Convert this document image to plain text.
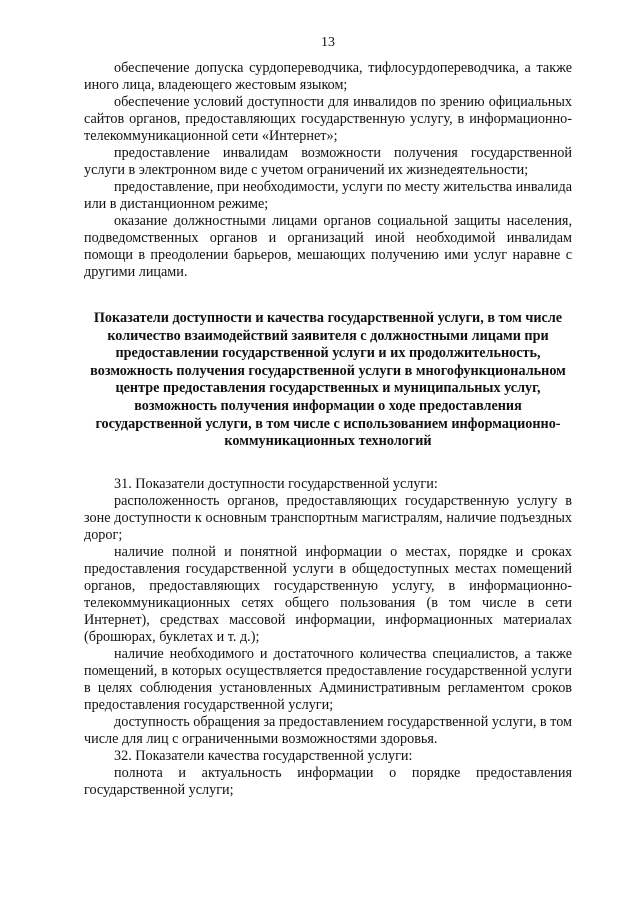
13

обеспечение допуска сурдопереводчика, тифлосурдопереводчика, а также иного лица, владеющего жестовым языком;

обеспечение условий доступности для инвалидов по зрению официальных сайтов органов, предоставляющих государственную услугу, в информационно-телекоммуникационной сети «Интернет»;

предоставление инвалидам возможности получения государственной услуги в электронном виде с учетом ограничений их жизнедеятельности;

предоставление, при необходимости, услуги по месту жительства инвалида или в дистанционном режиме;

оказание должностными лицами органов социальной защиты населения, подведомственных органов и организаций иной необходимой инвалидам помощи в преодолении барьеров, мешающих получению ими услуг наравне с другими лицами.

Показатели доступности и качества государственной услуги, в том числе количество взаимодействий заявителя с должностными лицами при предоставлении государственной услуги и их продолжительность, возможность получения государственной услуги в многофункциональном центре предоставления государственных и муниципальных услуг, возможность получения информации о ходе предоставления государственной услуги, в том числе с использованием информационно-коммуникационных технологий

31. Показатели доступности государственной услуги:

расположенность органов, предоставляющих государственную услугу в зоне доступности к основным транспортным магистралям, наличие подъездных дорог;

наличие полной и понятной информации о местах, порядке и сроках предоставления государственной услуги в общедоступных местах помещений органов, предоставляющих государственную услугу, в информационно-телекоммуникационных сетях общего пользования (в том числе в сети Интернет), средствах массовой информации, информационных материалах (брошюрах, буклетах и т. д.);

наличие необходимого и достаточного количества специалистов, а также помещений, в которых осуществляется предоставление государственной услуги в целях соблюдения установленных Административным регламентом сроков предоставления государственной услуги;

доступность обращения за предоставлением государственной услуги, в том числе для лиц с ограниченными возможностями здоровья.

32. Показатели качества государственной услуги:

полнота и актуальность информации о порядке предоставления государственной услуги;
